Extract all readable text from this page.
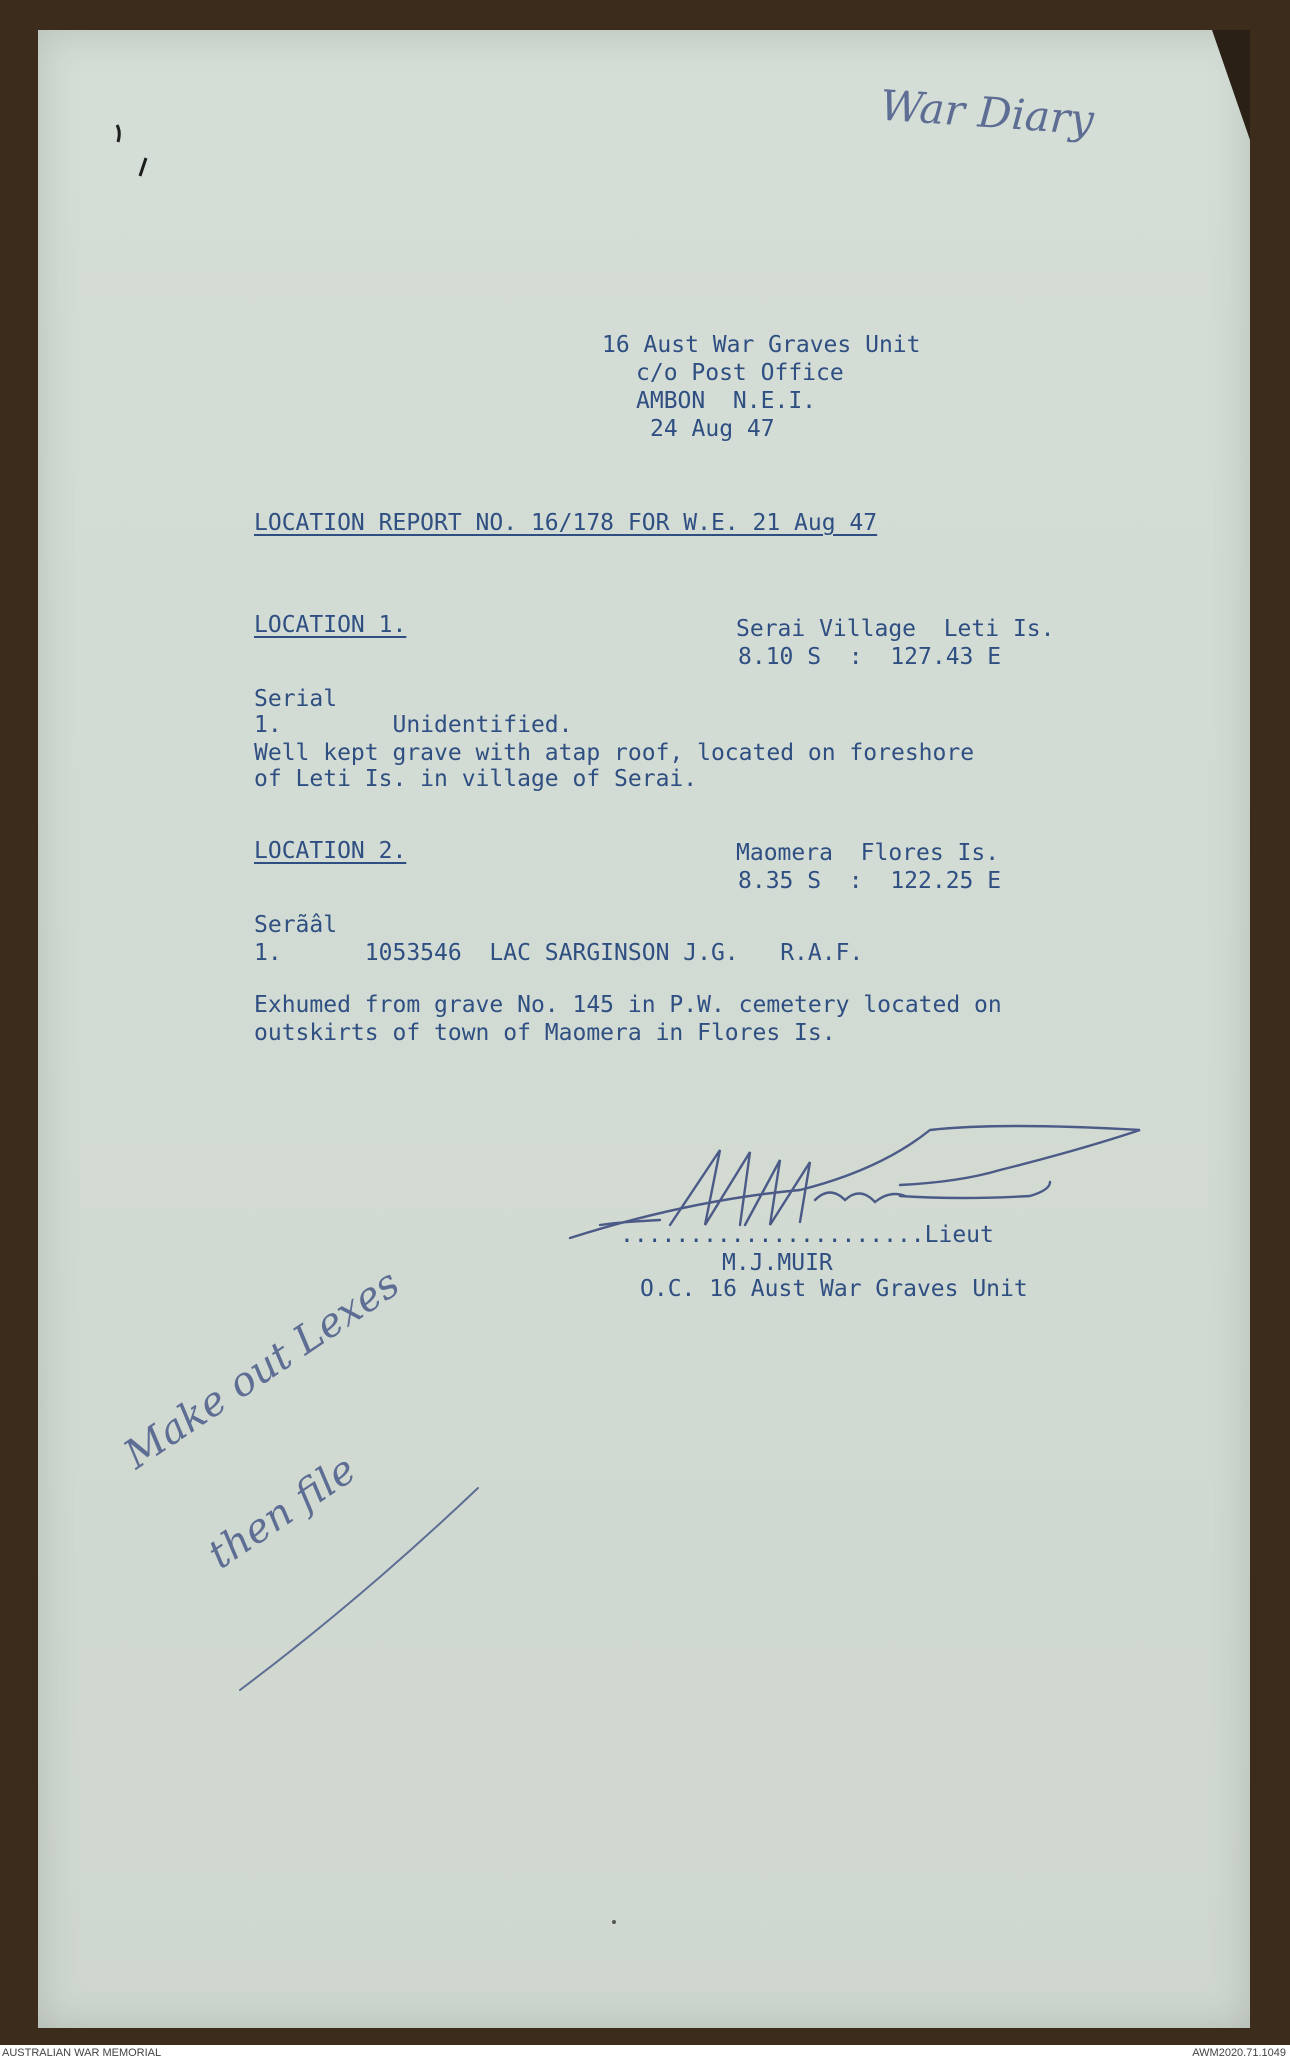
War Diary
16 Aust War Graves Unit
c/o Post Office
AMBON  N.E.I.
24 Aug 47
LOCATION REPORT NO. 16/178 FOR W.E. 21 Aug 47
LOCATION 1.	Serai Village  Leti Is.
8.10 S  :  127.43 E
Serial
1.        Unidentified.
Well kept grave with atap roof, located on foreshore
of Leti Is. in village of Serai.
LOCATION 2.	Maomera  Flores Is.
8.35 S  :  122.25 E
Serãâl
1.      1053546  LAC SARGINSON J.G.   R.A.F.
Exhumed from grave No. 145 in P.W. cemetery located on
outskirts of town of Maomera in Flores Is.
......................Lieut
M.J.MUIR
O.C. 16 Aust War Graves Unit
Make out Lexes
then file
AUSTRALIAN WAR MEMORIAL	AWM2020.71.1049
